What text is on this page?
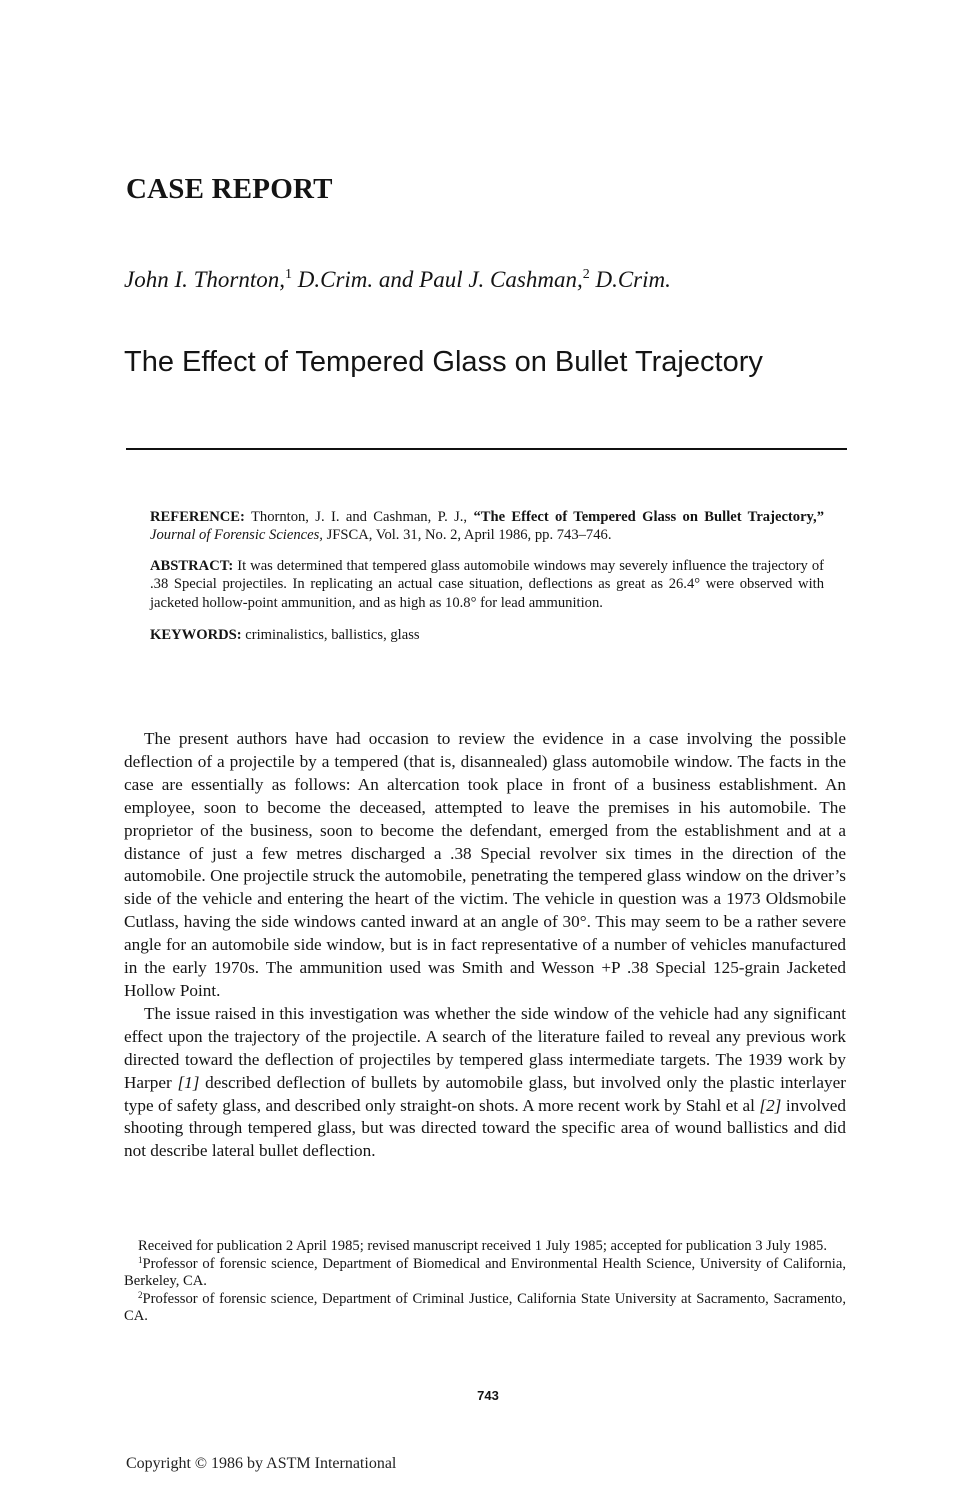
CASE REPORT

John I. Thornton,$^1$ D.Crim. and Paul J. Cashman,$^2$ D.Crim.

The Effect of Tempered Glass on Bullet Trajectory

REFERENCE: Thornton, J. I. and Cashman, P. J., “The Effect of Tempered Glass on Bullet Trajectory,” Journal of Forensic Sciences, JFSCA, Vol. 31, No. 2, April 1986, pp. 743–746.

ABSTRACT: It was determined that tempered glass automobile windows may severely influence the trajectory of .38 Special projectiles. In replicating an actual case situation, deflections as great as 26.4° were observed with jacketed hollow-point ammunition, and as high as 10.8° for lead ammunition.

KEYWORDS: criminalistics, ballistics, glass

The present authors have had occasion to review the evidence in a case involving the possible deflection of a projectile by a tempered (that is, disannealed) glass automobile window. The facts in the case are essentially as follows: An altercation took place in front of a business establishment. An employee, soon to become the deceased, attempted to leave the premises in his automobile. The proprietor of the business, soon to become the defendant, emerged from the establishment and at a distance of just a few metres discharged a .38 Special revolver six times in the direction of the automobile. One projectile struck the automobile, penetrating the tempered glass window on the driver’s side of the vehicle and entering the heart of the victim. The vehicle in question was a 1973 Oldsmobile Cutlass, having the side windows canted inward at an angle of 30°. This may seem to be a rather severe angle for an automobile side window, but is in fact representative of a number of vehicles manufactured in the early 1970s. The ammunition used was Smith and Wesson +P .38 Special 125-grain Jacketed Hollow Point.

The issue raised in this investigation was whether the side window of the vehicle had any significant effect upon the trajectory of the projectile. A search of the literature failed to reveal any previous work directed toward the deflection of projectiles by tempered glass intermediate targets. The 1939 work by Harper [1] described deflection of bullets by automobile glass, but involved only the plastic interlayer type of safety glass, and described only straight-on shots. A more recent work by Stahl et al [2] involved shooting through tempered glass, but was directed toward the specific area of wound ballistics and did not describe lateral bullet deflection.

Received for publication 2 April 1985; revised manuscript received 1 July 1985; accepted for publication 3 July 1985.

$^1$Professor of forensic science, Department of Biomedical and Environmental Health Science, University of California, Berkeley, CA.

$^2$Professor of forensic science, Department of Criminal Justice, California State University at Sacramento, Sacramento, CA.

743

Copyright © 1986 by ASTM International
